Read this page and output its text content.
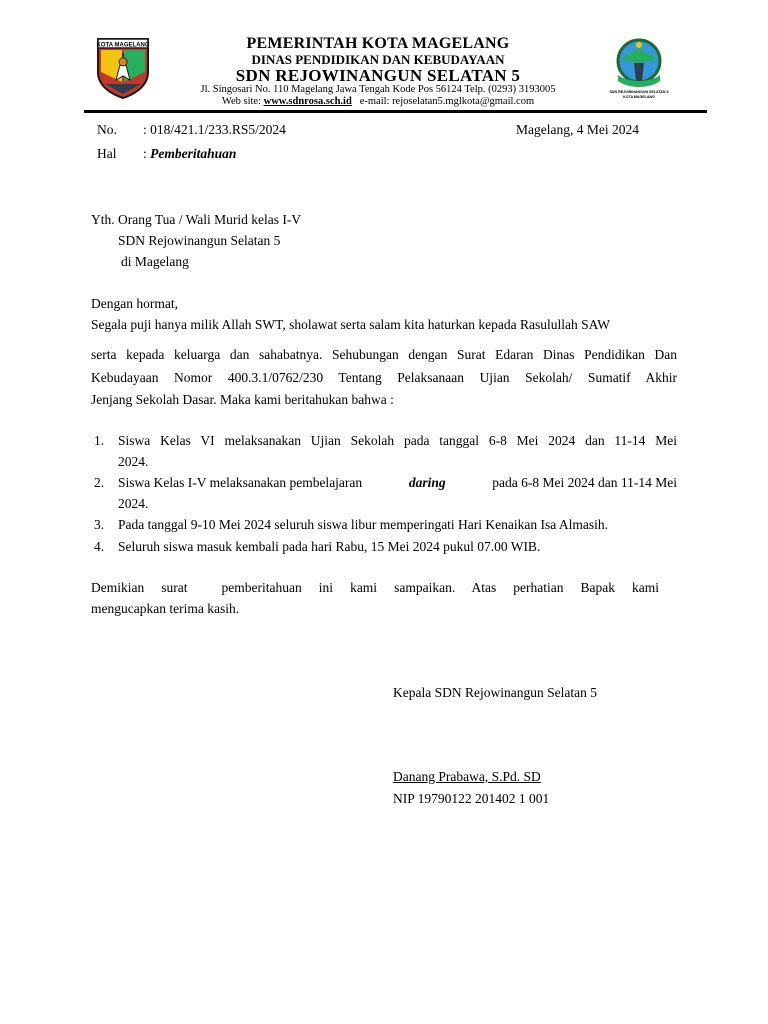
KOTA MAGELANG	PEMERINTAH KOTA MAGELANG
DINAS PENDIDIKAN DAN KEBUDAYAAN
SDN REJOWINANGUN SELATAN 5
Jl. Singosari No. 110 Magelang Jawa Tengah Kode Pos 56124 Telp. (0293) 3193005
Web site: www.sdnrosa.sch.id   e-mail: rejoselatan5.mglkota@gmail.com
SDN REJOWINANGUN SELATAN 5
KOTA MAGELANG
No. : 018/421.1/233.RS5/2024	Magelang, 4 Mei 2024
Hal : Pemberitahuan
Yth. Orang Tua / Wali Murid kelas I-V
SDN Rejowinangun Selatan 5
di Magelang
Dengan hormat,
Segala puji hanya milik Allah SWT, sholawat serta salam kita haturkan kepada Rasulullah SAW
serta kepada keluarga dan sahabatnya. Sehubungan dengan Surat Edaran Dinas Pendidikan Dan
Kebudayaan Nomor 400.3.1/0762/230 Tentang Pelaksanaan Ujian Sekolah/ Sumatif Akhir
Jenjang Sekolah Dasar. Maka kami beritahukan bahwa :
1. Siswa Kelas VI melaksanakan Ujian Sekolah pada tanggal 6-8 Mei 2024 dan 11-14 Mei
2024.
2. Siswa Kelas I-V melaksanakan pembelajaran	daring	pada 6-8 Mei 2024 dan 11-14 Mei
2024.
3. Pada tanggal 9-10 Mei 2024 seluruh siswa libur memperingati Hari Kenaikan Isa Almasih.
4. Seluruh siswa masuk kembali pada hari Rabu, 15 Mei 2024 pukul 07.00 WIB.
Demikian surat  pemberitahuan ini kami sampaikan. Atas perhatian Bapak kami
mengucapkan terima kasih.
Kepala SDN Rejowinangun Selatan 5
Danang Prabawa, S.Pd. SD
NIP 19790122 201402 1 001
